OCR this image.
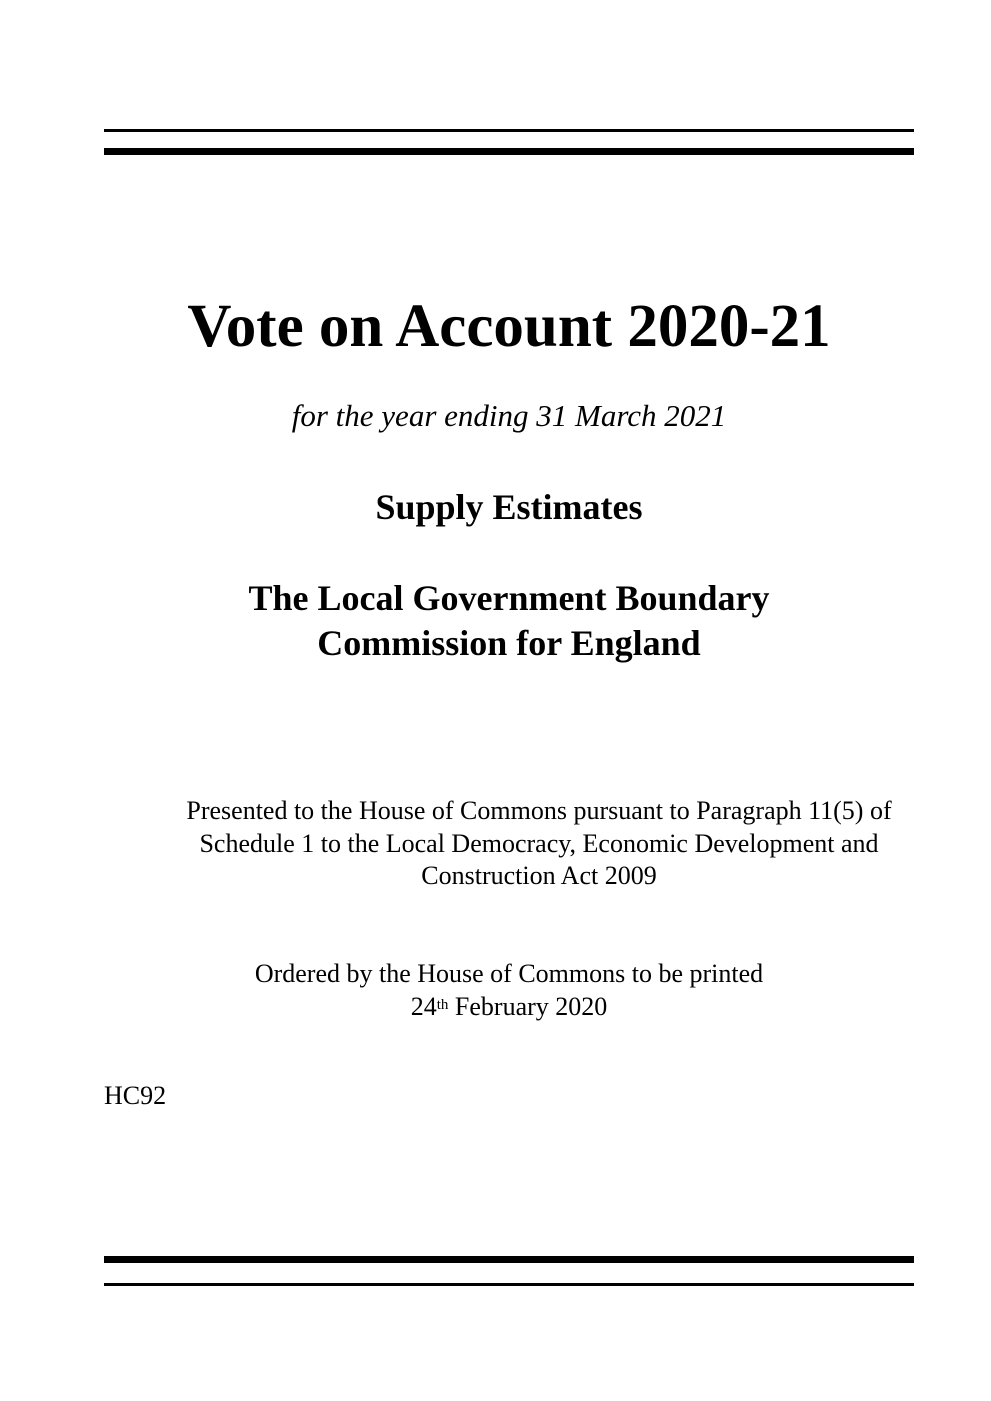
Vote on Account 2020-21
for the year ending 31 March 2021
Supply Estimates
The Local Government Boundary
Commission for England
Presented to the House of Commons pursuant to Paragraph 11(5) of
Schedule 1 to the Local Democracy, Economic Development and
Construction Act 2009
Ordered by the House of Commons to be printed
24th February 2020
HC92
